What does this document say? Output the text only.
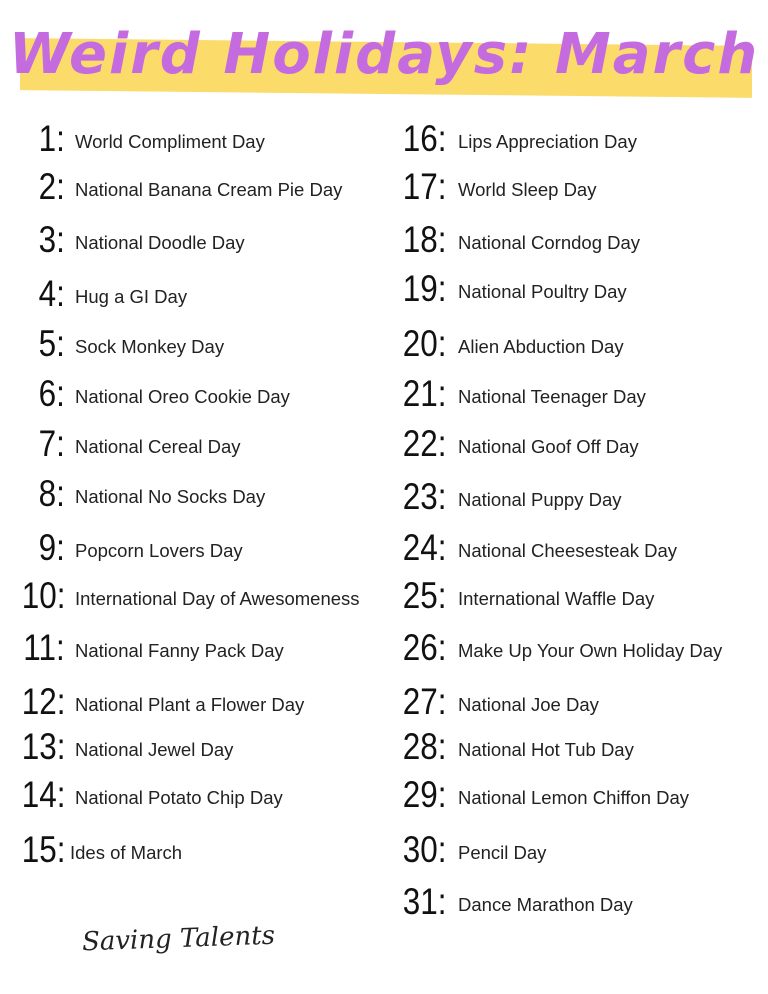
Weird Holidays: March
1: World Compliment Day
2: National Banana Cream Pie Day
3: National Doodle Day
4: Hug a GI Day
5: Sock Monkey Day
6: National Oreo Cookie Day
7: National Cereal Day
8: National No Socks Day
9: Popcorn Lovers Day
10: International Day of Awesomeness
11: National Fanny Pack Day
12: National Plant a Flower Day
13: National Jewel Day
14: National Potato Chip Day
15: Ides of March
16: Lips Appreciation Day
17: World Sleep Day
18: National Corndog Day
19: National Poultry Day
20: Alien Abduction Day
21: National Teenager Day
22: National Goof Off Day
23: National Puppy Day
24: National Cheesesteak Day
25: International Waffle Day
26: Make Up Your Own Holiday Day
27: National Joe Day
28: National Hot Tub Day
29: National Lemon Chiffon Day
30: Pencil Day
31: Dance Marathon Day
Saving Talents
